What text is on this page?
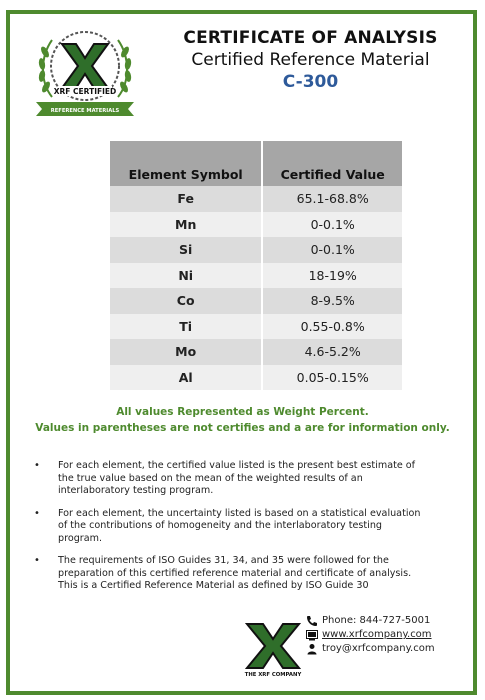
XRF CERTIFIED
REFERENCE MATERIALS
CERTIFICATE OF ANALYSIS
Certified Reference Material
C-300
Element Symbol	Certified Value
Fe	65.1-68.8%
Mn	0-0.1%
Si	0-0.1%
Ni	18-19%
Co	8-9.5%
Ti	0.55-0.8%
Mo	4.6-5.2%
Al	0.05-0.15%
All values Represented as Weight Percent.
Values in parentheses are not certifies and a are for information only.
• For each element, the certified value listed is the present best estimate of the true value based on the mean of the weighted results of an interlaboratory testing program.
• For each element, the uncertainty listed is based on a statistical evaluation of the contributions of homogeneity and the interlaboratory testing program.
• The requirements of ISO Guides 31, 34, and 35 were followed for the preparation of this certified reference material and certificate of analysis. This is a Certified Reference Material as defined by ISO Guide 30
THE XRF COMPANY
Phone: 844-727-5001
www.xrfcompany.com
troy@xrfcompany.com
